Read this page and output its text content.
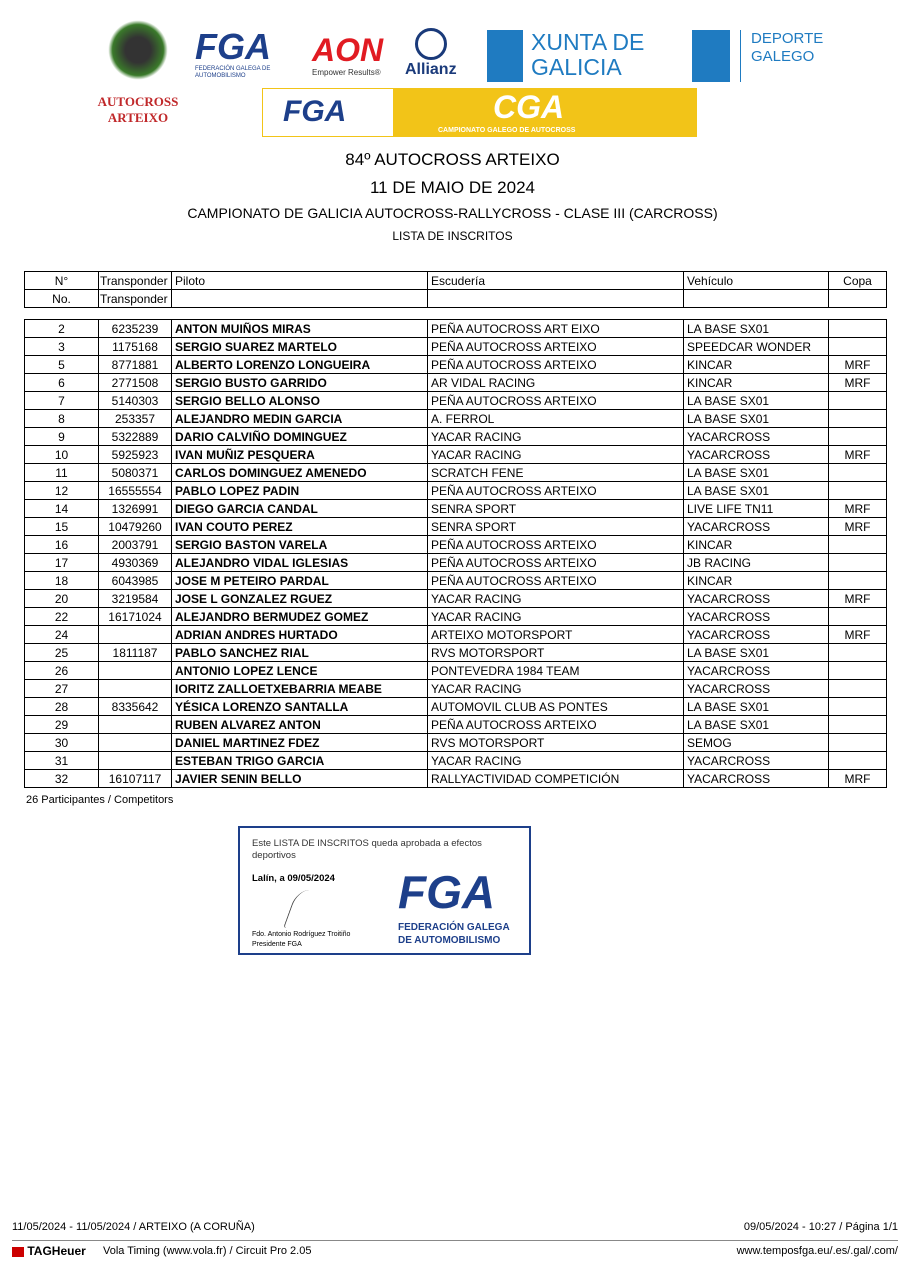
AUTOCROSS ARTEIXO
FGA
FEDERACIÓN GALEGA DE AUTOMOBILISMO
AON
Empower Results® Allianz
XUNTA DE GALICIA
DEPORTE GALEGO
FGA	CGA
CAMPIONATO GALEGO DE AUTOCROSS
84º AUTOCROSS ARTEIXO
11 DE MAIO DE 2024
CAMPIONATO DE GALICIA AUTOCROSS-RALLYCROSS - CLASE III (CARCROSS)
LISTA DE INSCRITOS
N°	Transponder	Piloto	Escudería	Vehículo	Copa
No.	Transponder				
2	6235239	ANTON MUIÑOS MIRAS	PEÑA AUTOCROSS ART EIXO	LA BASE SX01	
3	1175168	SERGIO SUAREZ MARTELO	PEÑA AUTOCROSS ARTEIXO	SPEEDCAR WONDER	
5	8771881	ALBERTO LORENZO LONGUEIRA	PEÑA AUTOCROSS ARTEIXO	KINCAR	MRF
6	2771508	SERGIO BUSTO GARRIDO	AR VIDAL RACING	KINCAR	MRF
7	5140303	SERGIO BELLO ALONSO	PEÑA AUTOCROSS ARTEIXO	LA BASE SX01	
8	253357	ALEJANDRO MEDIN GARCIA	A. FERROL	LA BASE SX01	
9	5322889	DARIO CALVIÑO DOMINGUEZ	YACAR RACING	YACARCROSS	
10	5925923	IVAN MUÑIZ PESQUERA	YACAR RACING	YACARCROSS	MRF
11	5080371	CARLOS DOMINGUEZ AMENEDO	SCRATCH FENE	LA BASE SX01	
12	16555554	PABLO LOPEZ PADIN	PEÑA AUTOCROSS ARTEIXO	LA BASE SX01	
14	1326991	DIEGO GARCIA CANDAL	SENRA SPORT	LIVE LIFE TN11	MRF
15	10479260	IVAN COUTO PEREZ	SENRA SPORT	YACARCROSS	MRF
16	2003791	SERGIO BASTON VARELA	PEÑA AUTOCROSS ARTEIXO	KINCAR	
17	4930369	ALEJANDRO VIDAL IGLESIAS	PEÑA AUTOCROSS ARTEIXO	JB RACING	
18	6043985	JOSE M PETEIRO PARDAL	PEÑA AUTOCROSS ARTEIXO	KINCAR	
20	3219584	JOSE L GONZALEZ RGUEZ	YACAR RACING	YACARCROSS	MRF
22	16171024	ALEJANDRO BERMUDEZ GOMEZ	YACAR RACING	YACARCROSS	
24		ADRIAN ANDRES HURTADO	ARTEIXO MOTORSPORT	YACARCROSS	MRF
25	1811187	PABLO SANCHEZ RIAL	RVS MOTORSPORT	LA BASE SX01	
26		ANTONIO LOPEZ LENCE	PONTEVEDRA 1984 TEAM	YACARCROSS	
27		IORITZ ZALLOETXEBARRIA MEABE	YACAR RACING	YACARCROSS	
28	8335642	YÉSICA LORENZO SANTALLA	AUTOMOVIL CLUB AS PONTES	LA BASE SX01	
29		RUBEN ALVAREZ ANTON	PEÑA AUTOCROSS ARTEIXO	LA BASE SX01	
30		DANIEL MARTINEZ FDEZ	RVS MOTORSPORT	SEMOG	
31		ESTEBAN TRIGO GARCIA	YACAR RACING	YACARCROSS	
32	16107117	JAVIER SENIN BELLO	RALLYACTIVIDAD COMPETICIÓN	YACARCROSS	MRF
26 Participantes / Competitors
Este LISTA DE INSCRITOS queda aprobada a efectos deportivos
Lalín, a 09/05/2024
Fdo. Antonio Rodríguez Troitiño
Presidente FGA
FGA
FEDERACIÓN GALEGA
DE AUTOMOBILISMO
11/05/2024 - 11/05/2024 / ARTEIXO (A CORUÑA)	09/05/2024 - 10:27 / Página 1/1
TAGHeuer Vola Timing (www.vola.fr) / Circuit Pro 2.05	www.temposfga.eu/.es/.gal/.com/
